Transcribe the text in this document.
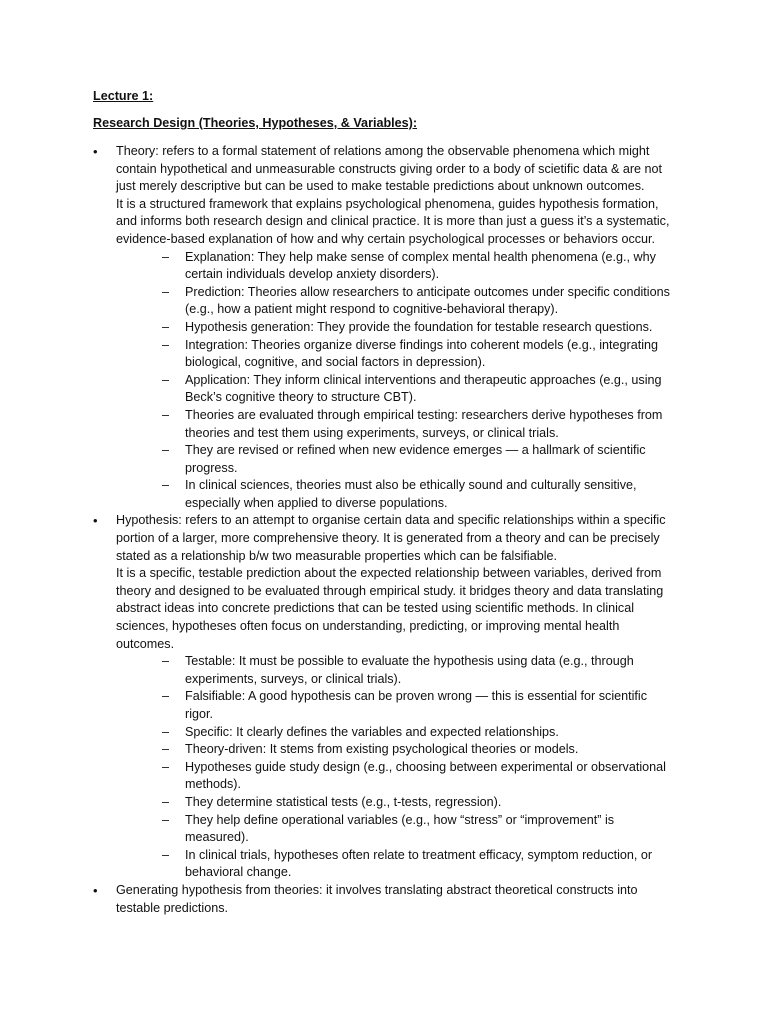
Lecture 1:
Research Design (Theories, Hypotheses, & Variables):
• Theory: refers to a formal statement of relations among the observable phenomena which might contain hypothetical and unmeasurable constructs giving order to a body of scietific data & are not just merely descriptive but can be used to make testable predictions about unknown outcomes.
It is a structured framework that explains psychological phenomena, guides hypothesis formation, and informs both research design and clinical practice. It is more than just a guess it’s a systematic, evidence-based explanation of how and why certain psychological processes or behaviors occur.
– Explanation: They help make sense of complex mental health phenomena (e.g., why certain individuals develop anxiety disorders).
– Prediction: Theories allow researchers to anticipate outcomes under specific conditions (e.g., how a patient might respond to cognitive-behavioral therapy).
– Hypothesis generation: They provide the foundation for testable research questions.
– Integration: Theories organize diverse findings into coherent models (e.g., integrating biological, cognitive, and social factors in depression).
– Application: They inform clinical interventions and therapeutic approaches (e.g., using Beck’s cognitive theory to structure CBT).
– Theories are evaluated through empirical testing: researchers derive hypotheses from theories and test them using experiments, surveys, or clinical trials.
– They are revised or refined when new evidence emerges — a hallmark of scientific progress.
– In clinical sciences, theories must also be ethically sound and culturally sensitive, especially when applied to diverse populations.
• Hypothesis: refers to an attempt to organise certain data and specific relationships within a specific portion of a larger, more comprehensive theory. It is generated from a theory and can be precisely stated as a relationship b/w two measurable properties which can be falsifiable.
It is a specific, testable prediction about the expected relationship between variables, derived from theory and designed to be evaluated through empirical study. it bridges theory and data translating abstract ideas into concrete predictions that can be tested using scientific methods. In clinical sciences, hypotheses often focus on understanding, predicting, or improving mental health outcomes.
– Testable: It must be possible to evaluate the hypothesis using data (e.g., through experiments, surveys, or clinical trials).
– Falsifiable: A good hypothesis can be proven wrong — this is essential for scientific rigor.
– Specific: It clearly defines the variables and expected relationships.
– Theory-driven: It stems from existing psychological theories or models.
– Hypotheses guide study design (e.g., choosing between experimental or observational methods).
– They determine statistical tests (e.g., t-tests, regression).
– They help define operational variables (e.g., how “stress” or “improvement” is measured).
– In clinical trials, hypotheses often relate to treatment efficacy, symptom reduction, or behavioral change.
• Generating hypothesis from theories: it involves translating abstract theoretical constructs into testable predictions.
